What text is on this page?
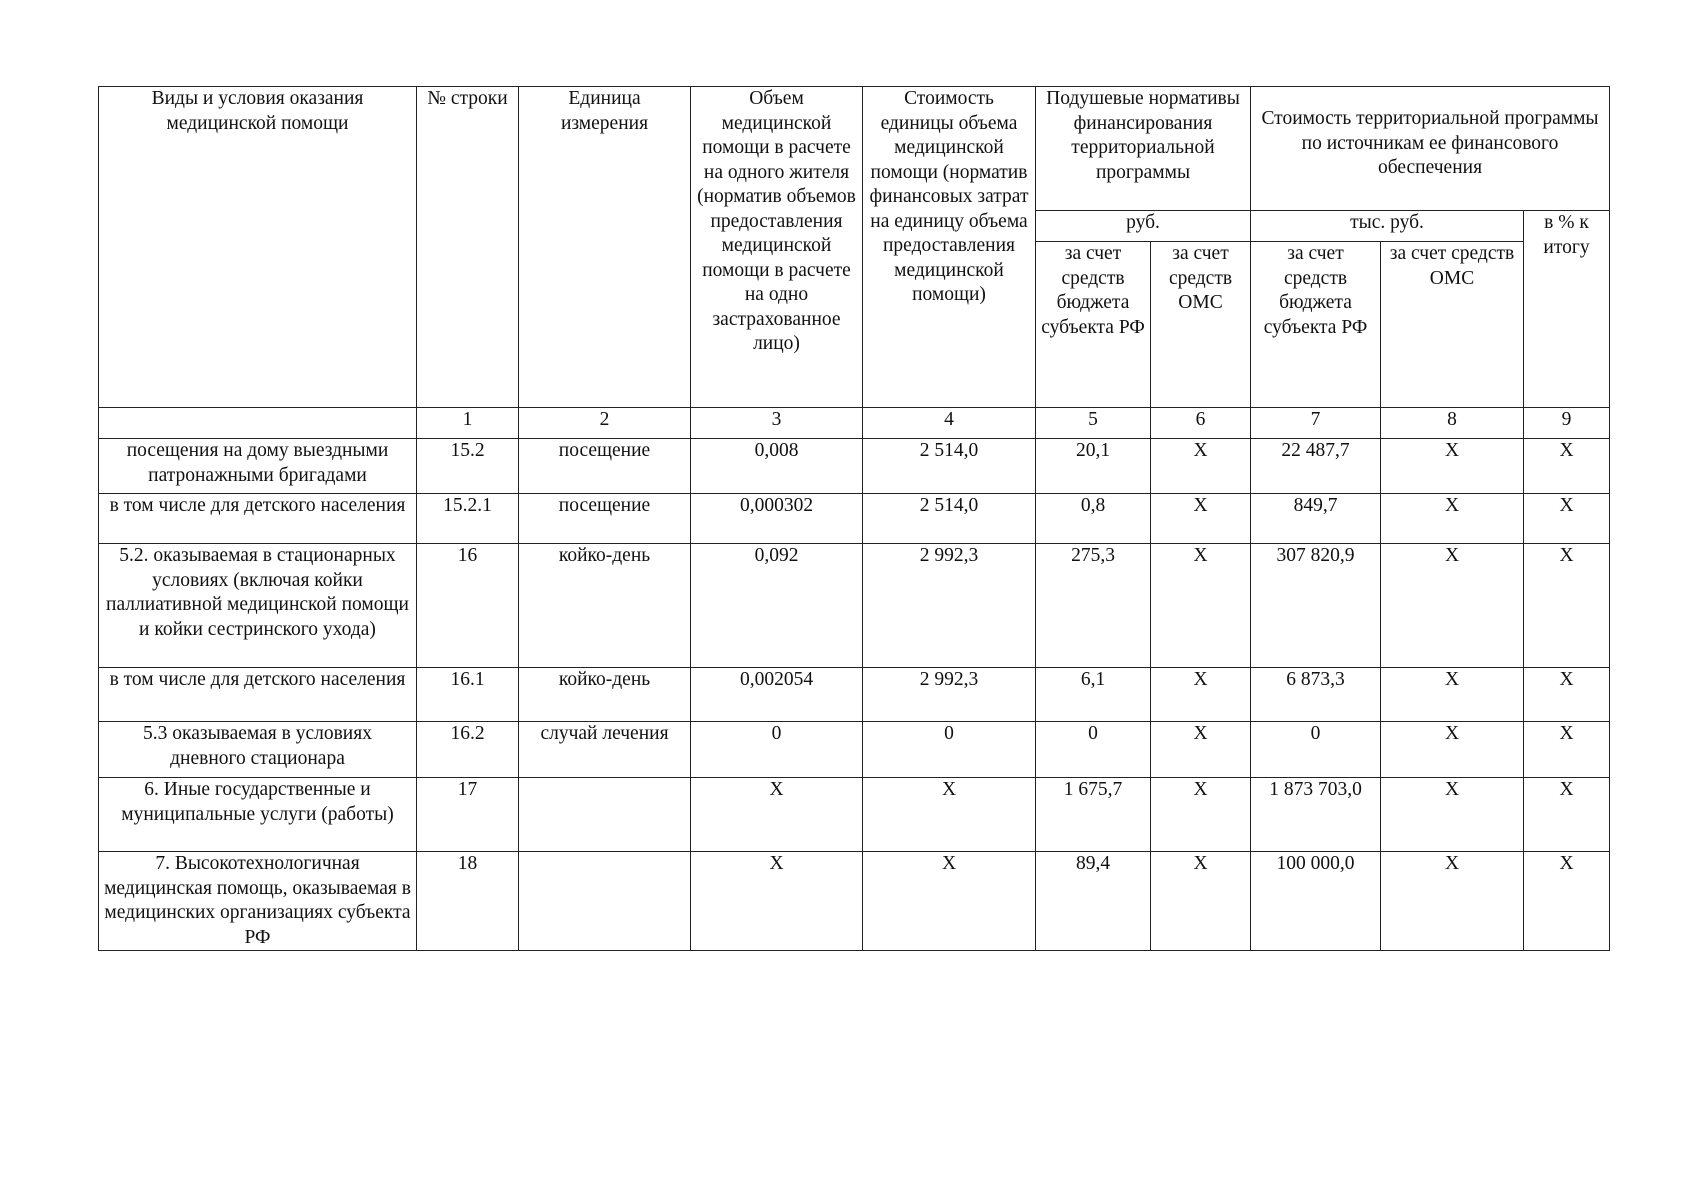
Виды и условия оказания медицинской помощи	№ строки	Единица измерения	Объем медицинской помощи в расчете на одного жителя (норматив объемов предоставления медицинской помощи в расчете на одно застрахованное лицо)	Стоимость единицы объема медицинской помощи (норматив финансовых затрат на единицу объема предоставления медицинской помощи)	Подушевые нормативы финансирования территориальной программы		Стоимость территориальной программы по источникам ее финансового обеспечения		
					руб.		тыс. руб.		в % к итогу
					за счет средств бюджета субъекта РФ	за счет средств ОМС	за счет средств бюджета субъекта РФ	за счет средств ОМС	
	1	2	3	4	5	6	7	8	9
посещения на дому выездными патронажными бригадами	15.2	посещение	0,008	2 514,0	20,1	Х	22 487,7	Х	Х
в том числе для детского населения	15.2.1	посещение	0,000302	2 514,0	0,8	Х	849,7	Х	Х
5.2. оказываемая в стационарных условиях (включая койки паллиативной медицинской помощи и койки сестринского ухода)	16	койко-день	0,092	2 992,3	275,3	Х	307 820,9	Х	Х
в том числе для детского населения	16.1	койко-день	0,002054	2 992,3	6,1	Х	6 873,3	Х	Х
5.3 оказываемая в условиях дневного стационара	16.2	случай лечения	0	0	0	Х	0	Х	Х
6. Иные государственные и муниципальные услуги (работы)	17		Х	Х	1 675,7	Х	1 873 703,0	Х	Х
7. Высокотехнологичная медицинская помощь, оказываемая в медицинских организациях субъекта РФ	18		Х	Х	89,4	Х	100 000,0	Х	Х
